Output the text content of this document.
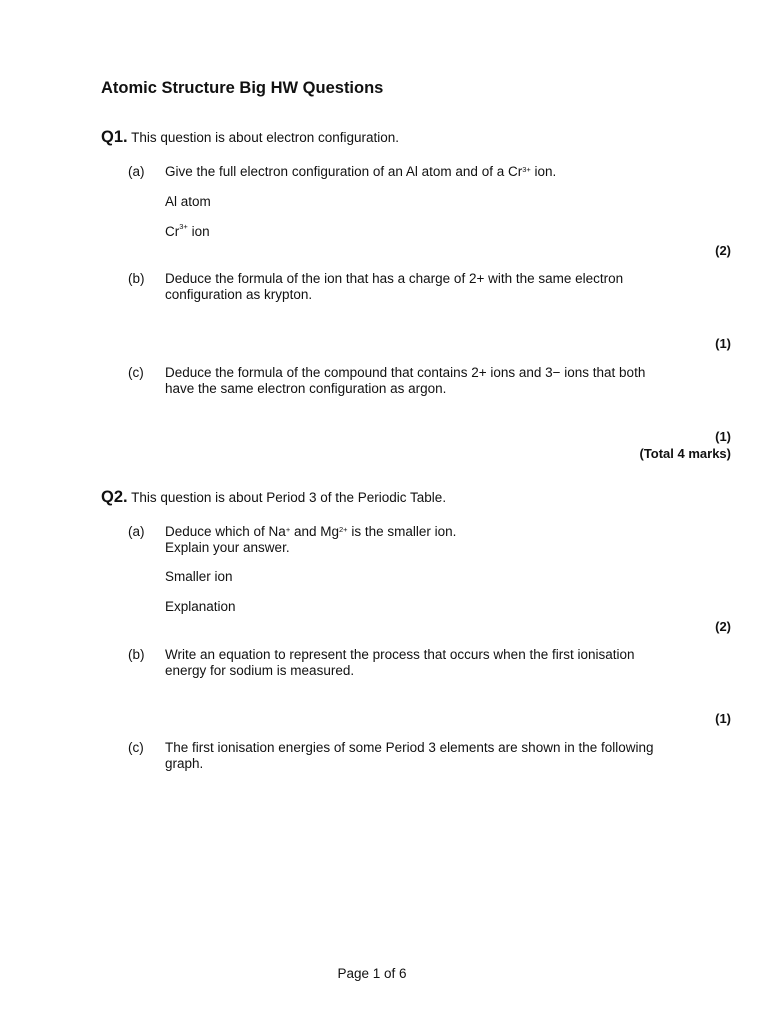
Atomic Structure Big HW Questions
Q1. This question is about electron configuration.
(a)	Give the full electron configuration of an Al atom and of a $Cr^{3+}$ ion.
Al atom
$Cr^{3+}$ ion
(2)
(b)	Deduce the formula of the ion that has a charge of 2+ with the same electron
configuration as krypton.
(1)
(c)	Deduce the formula of the compound that contains 2+ ions and 3− ions that both
have the same electron configuration as argon.
(1)
(Total 4 marks)
Q2. This question is about Period 3 of the Periodic Table.
(a)	Deduce which of Na+ and $Mg^{2+}$ is the smaller ion.
Explain your answer.
Smaller ion
Explanation
(2)
(b)	Write an equation to represent the process that occurs when the first ionisation
energy for sodium is measured.
(1)
(c)	The first ionisation energies of some Period 3 elements are shown in the following
graph.
Page 1 of 6
